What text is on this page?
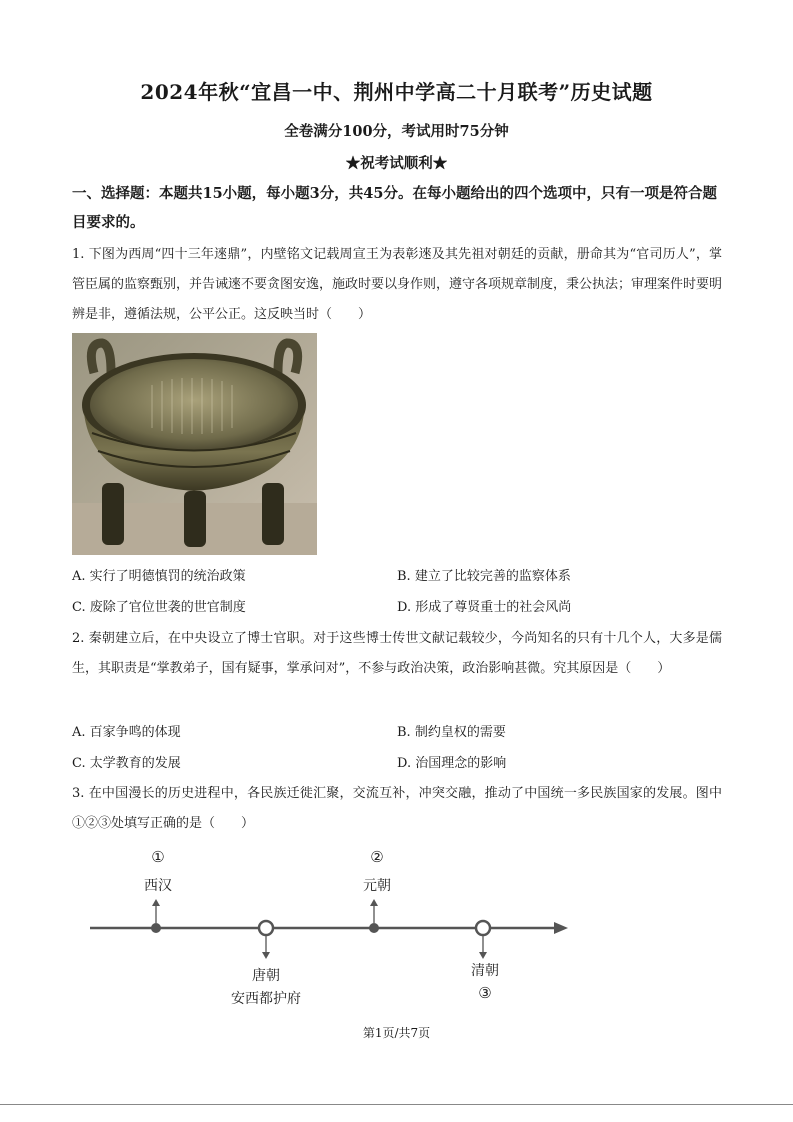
2024年秋“宜昌一中、荆州中学高二十月联考”历史试题
全卷满分100分，考试用时75分钟
★祝考试顺利★
一、选择题：本题共15小题，每小题3分，共45分。在每小题给出的四个选项中，只有一项是符合题目要求的。
1. 下图为西周“四十三年逨鼎”，内壁铭文记载周宣王为表彰逨及其先祖对朝廷的贡献，册命其为“官司历人”，掌管臣属的监察甄别，并告诫逨不要贪图安逸，施政时要以身作则，遵守各项规章制度，秉公执法；审理案件时要明辨是非，遵循法规，公平公正。这反映当时（　　）
A. 实行了明德慎罚的统治政策	B. 建立了比较完善的监察体系
C. 废除了官位世袭的世官制度	D. 形成了尊贤重士的社会风尚
2. 秦朝建立后，在中央设立了博士官职。对于这些博士传世文献记载较少，今尚知名的只有十几个人，大多是儒生，其职责是“掌教弟子，国有疑事，掌承问对”，不参与政治决策，政治影响甚微。究其原因是（　　）
A. 百家争鸣的体现	B. 制约皇权的需要
C. 太学教育的发展	D. 治国理念的影响
3. 在中国漫长的历史进程中，各民族迁徙汇聚，交流互补，冲突交融，推动了中国统一多民族国家的发展。图中①②③处填写正确的是（　　）
①
西汉
唐朝
安西都护府
②
元朝
清朝
③
第1页/共7页
